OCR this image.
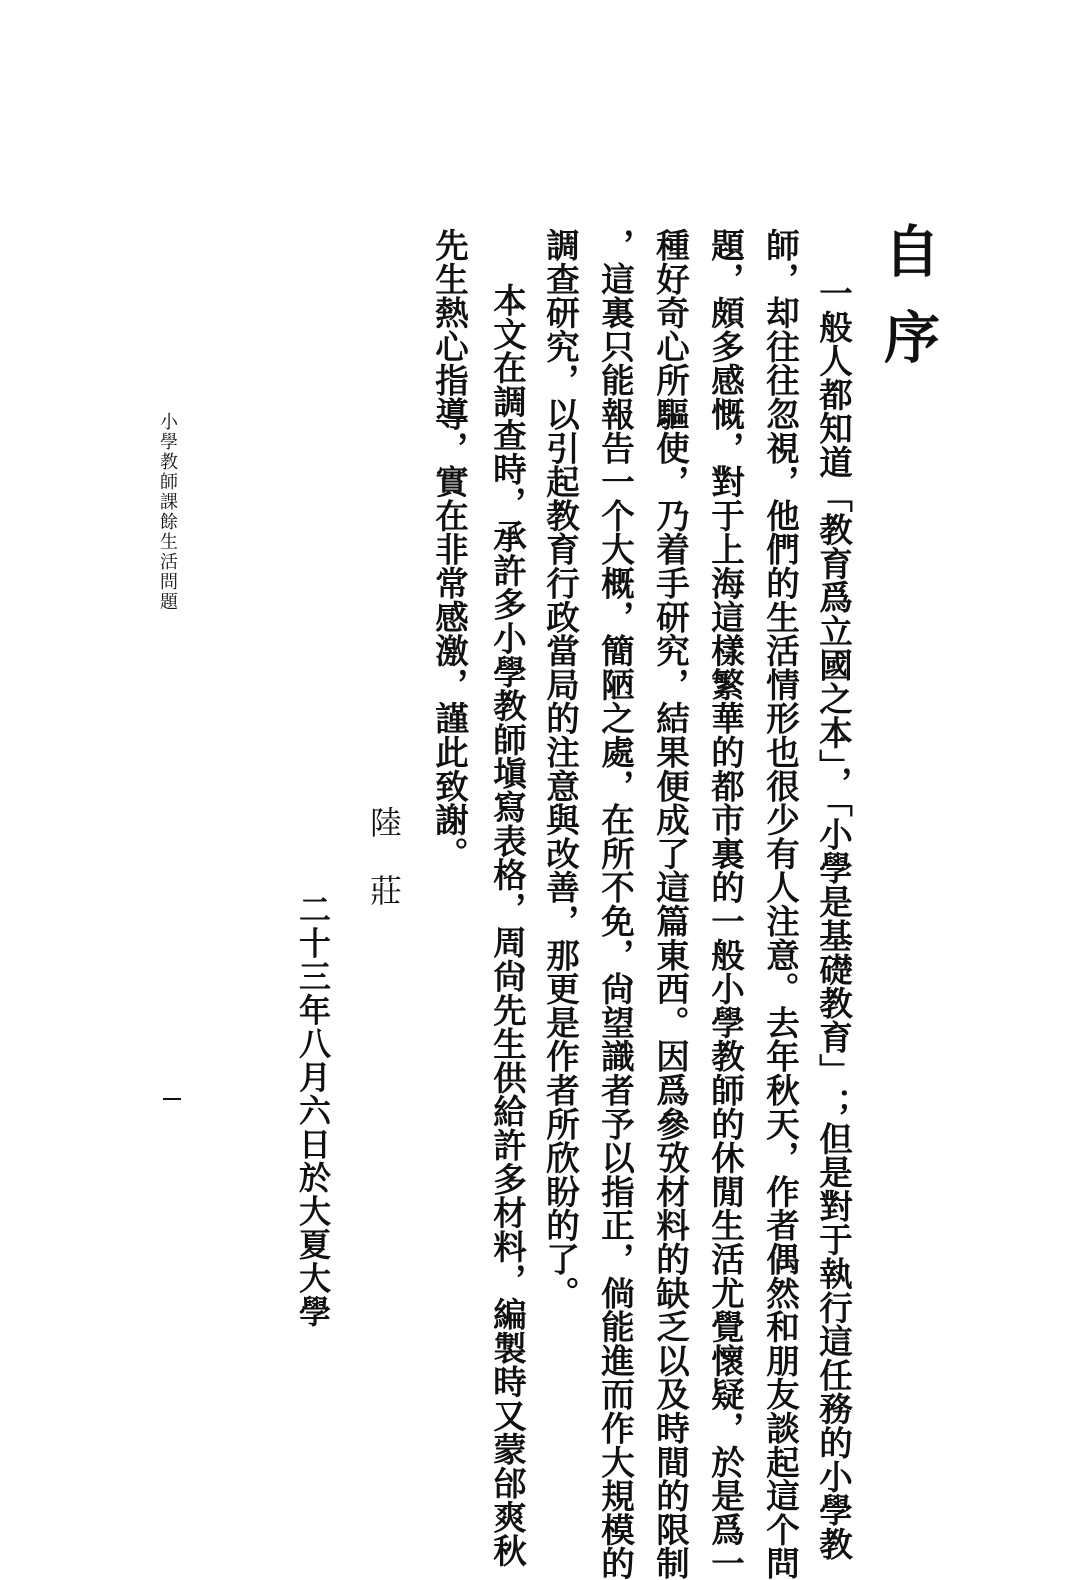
自序
一般人都知道「教育爲立國之本」，「小學是基礎教育」；但是對于執行這任務的小學教
師，却往往忽視，他們的生活情形也很少有人注意。去年秋天，作者偶然和朋友談起這个問
題，頗多感慨，對于上海這樣繁華的都市裏的一般小學教師的休閒生活尤覺懷疑，於是爲一
種好奇心所驅使，乃着手研究，結果便成了這篇東西。因爲參攷材料的缺乏以及時間的限制
，這裏只能報告一个大概，簡陋之處，在所不免，尙望識者予以指正，倘能進而作大規模的
調查研究，以引起教育行政當局的注意與改善，那更是作者所欣盼的了。
本文在調查時，承許多小學教師塡寫表格，周尙先生供給許多材料，編製時又蒙邰爽秋
先生熱心指導，實在非常感激，謹此致謝。
陸莊
二十三年八月六日於大夏大學
小學教師課餘生活問題
